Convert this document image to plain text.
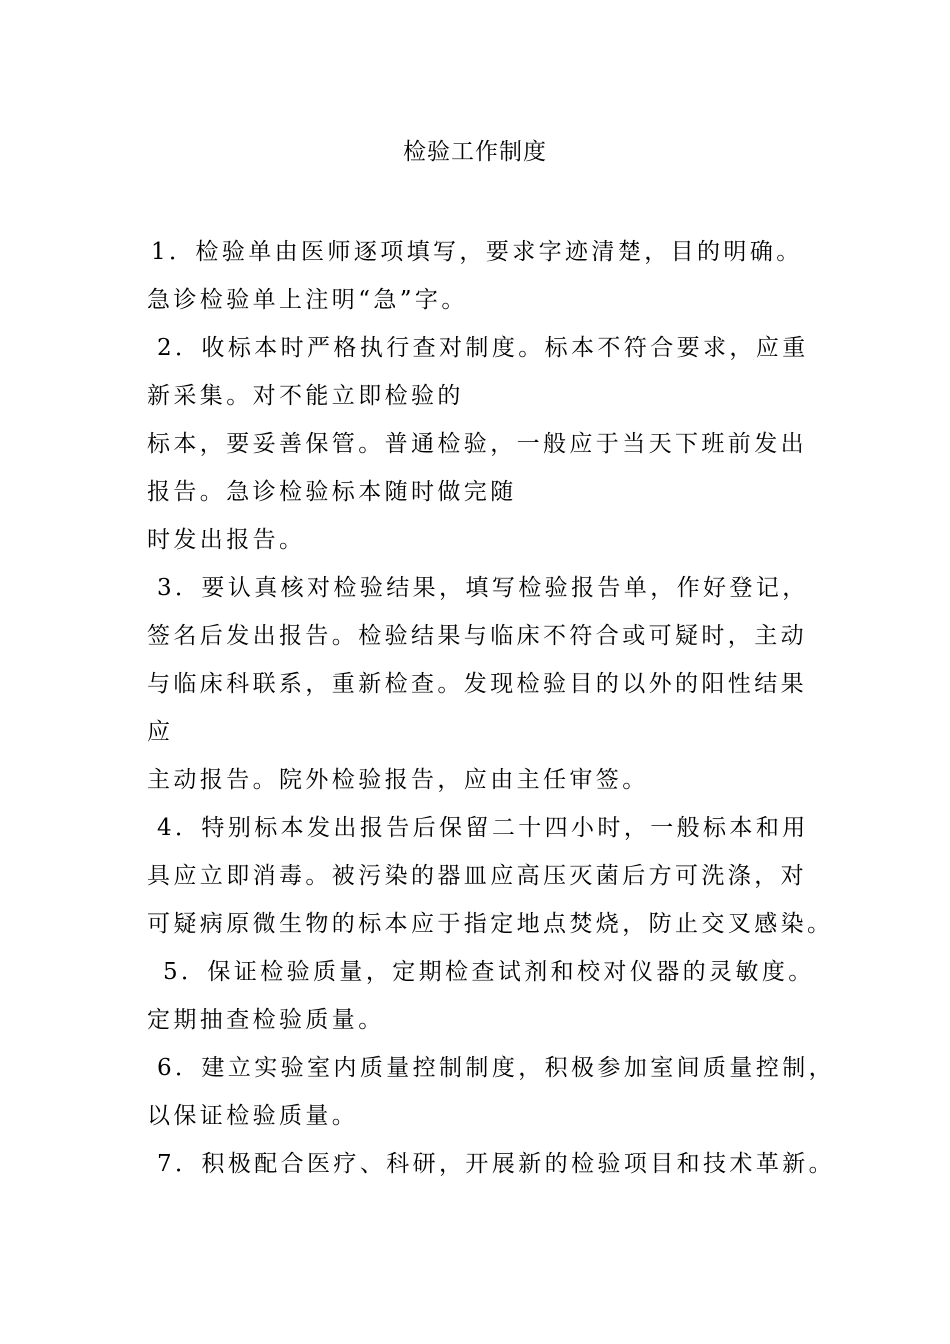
检验工作制度
1．检验单由医师逐项填写，要求字迹清楚，目的明确。
急诊检验单上注明“急”字。
2．收标本时严格执行查对制度。标本不符合要求，应重
新采集。对不能立即检验的
标本，要妥善保管。普通检验，一般应于当天下班前发出
报告。急诊检验标本随时做完随
时发出报告。
3．要认真核对检验结果，填写检验报告单，作好登记，
签名后发出报告。检验结果与临床不符合或可疑时，主动
与临床科联系，重新检查。发现检验目的以外的阳性结果
应
主动报告。院外检验报告，应由主任审签。
4．特别标本发出报告后保留二十四小时，一般标本和用
具应立即消毒。被污染的器皿应高压灭菌后方可洗涤，对
可疑病原微生物的标本应于指定地点焚烧，防止交叉感染。
5．保证检验质量，定期检查试剂和校对仪器的灵敏度。
定期抽查检验质量。
6．建立实验室内质量控制制度，积极参加室间质量控制，
以保证检验质量。
7．积极配合医疗、科研，开展新的检验项目和技术革新。
